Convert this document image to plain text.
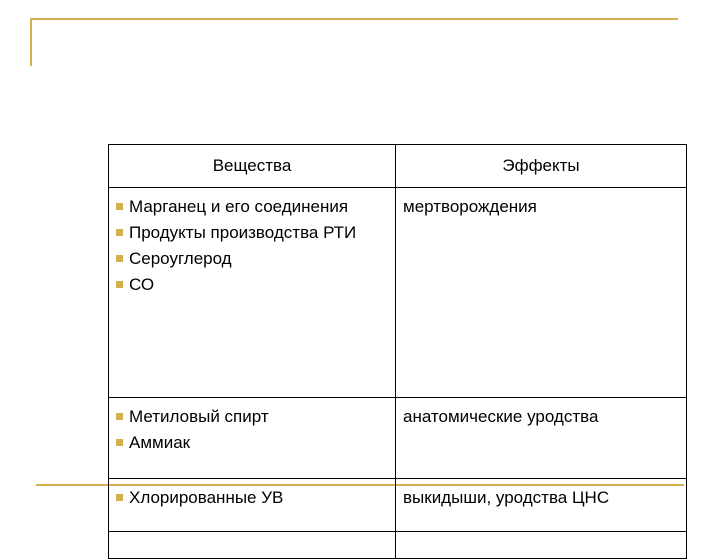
Вещества	Эффекты

Марганец и его соединения
Продукты производства РТИ
Сероуглерод
СО	мертворождения

Метиловый спирт
Аммиак	анатомические уродства

Хлорированные УВ	выкидыши, уродства ЦНС
